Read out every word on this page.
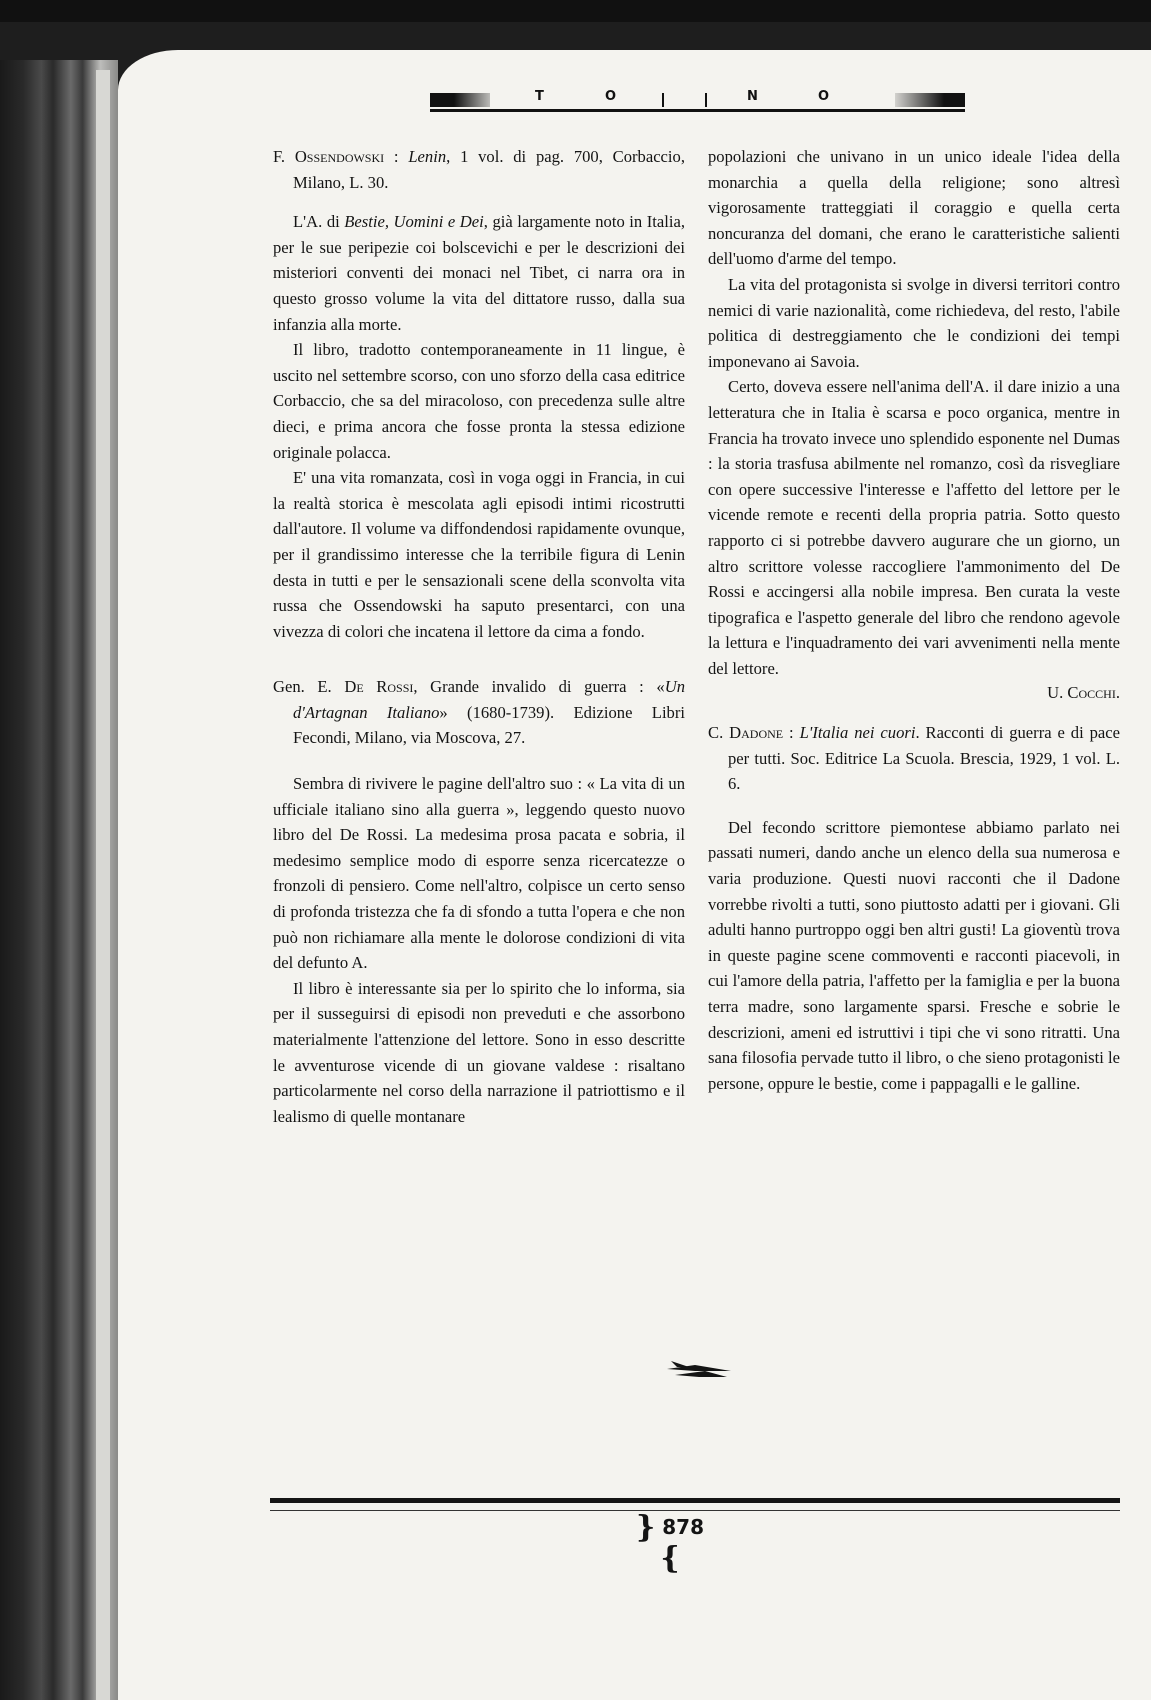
T	O	N	O

F. Ossendowski : Lenin, 1 vol. di pag. 700, Corbaccio, Milano, L. 30.

L'A. di Bestie, Uomini e Dei, già largamente noto in Italia, per le sue peripezie coi bolscevichi e per le descrizioni dei misteriori conventi dei monaci nel Tibet, ci narra ora in questo grosso volume la vita del dittatore russo, dalla sua infanzia alla morte.

Il libro, tradotto contemporaneamente in 11 lingue, è uscito nel settembre scorso, con uno sforzo della casa editrice Corbaccio, che sa del miracoloso, con precedenza sulle altre dieci, e prima ancora che fosse pronta la stessa edizione originale polacca.

E' una vita romanzata, così in voga oggi in Francia, in cui la realtà storica è mescolata agli episodi intimi ricostrutti dall'autore. Il volume va diffondendosi rapidamente ovunque, per il grandissimo interesse che la terribile figura di Lenin desta in tutti e per le sensazionali scene della sconvolta vita russa che Ossendowski ha saputo presentarci, con una vivezza di colori che incatena il lettore da cima a fondo.

Gen. E. De Rossi, Grande invalido di guerra : «Un d'Artagnan Italiano» (1680-1739). Edizione Libri Fecondi, Milano, via Moscova, 27.

Sembra di rivivere le pagine dell'altro suo : « La vita di un ufficiale italiano sino alla guerra », leggendo questo nuovo libro del De Rossi. La medesima prosa pacata e sobria, il medesimo semplice modo di esporre senza ricercatezze o fronzoli di pensiero. Come nell'altro, colpisce un certo senso di profonda tristezza che fa di sfondo a tutta l'opera e che non può non richiamare alla mente le dolorose condizioni di vita del defunto A.

Il libro è interessante sia per lo spirito che lo informa, sia per il susseguirsi di episodi non preveduti e che assorbono materialmente l'attenzione del lettore. Sono in esso descritte le avventurose vicende di un giovane valdese : risaltano particolarmente nel corso della narrazione il patriottismo e il lealismo di quelle montanare

popolazioni che univano in un unico ideale l'idea della monarchia a quella della religione; sono altresì vigorosamente tratteggiati il coraggio e quella certa noncuranza del domani, che erano le caratteristiche salienti dell'uomo d'arme del tempo.

La vita del protagonista si svolge in diversi territori contro nemici di varie nazionalità, come richiedeva, del resto, l'abile politica di destreggiamento che le condizioni dei tempi imponevano ai Savoia.

Certo, doveva essere nell'anima dell'A. il dare inizio a una letteratura che in Italia è scarsa e poco organica, mentre in Francia ha trovato invece uno splendido esponente nel Dumas : la storia trasfusa abilmente nel romanzo, così da risvegliare con opere successive l'interesse e l'affetto del lettore per le vicende remote e recenti della propria patria. Sotto questo rapporto ci si potrebbe davvero augurare che un giorno, un altro scrittore volesse raccogliere l'ammonimento del De Rossi e accingersi alla nobile impresa. Ben curata la veste tipografica e l'aspetto generale del libro che rendono agevole la lettura e l'inquadramento dei vari avvenimenti nella mente del lettore.

U. Cocchi.

C. Dadone : L'Italia nei cuori. Racconti di guerra e di pace per tutti. Soc. Editrice La Scuola. Brescia, 1929, 1 vol. L. 6.

Del fecondo scrittore piemontese abbiamo parlato nei passati numeri, dando anche un elenco della sua numerosa e varia produzione. Questi nuovi racconti che il Dadone vorrebbe rivolti a tutti, sono piuttosto adatti per i giovani. Gli adulti hanno purtroppo oggi ben altri gusti! La gioventù trova in queste pagine scene commoventi e racconti piacevoli, in cui l'amore della patria, l'affetto per la famiglia e per la buona terra madre, sono largamente sparsi. Fresche e sobrie le descrizioni, ameni ed istruttivi i tipi che vi sono ritratti. Una sana filosofia pervade tutto il libro, o che sieno protagonisti le persone, oppure le bestie, come i pappagalli e le galline.

} 878 {
